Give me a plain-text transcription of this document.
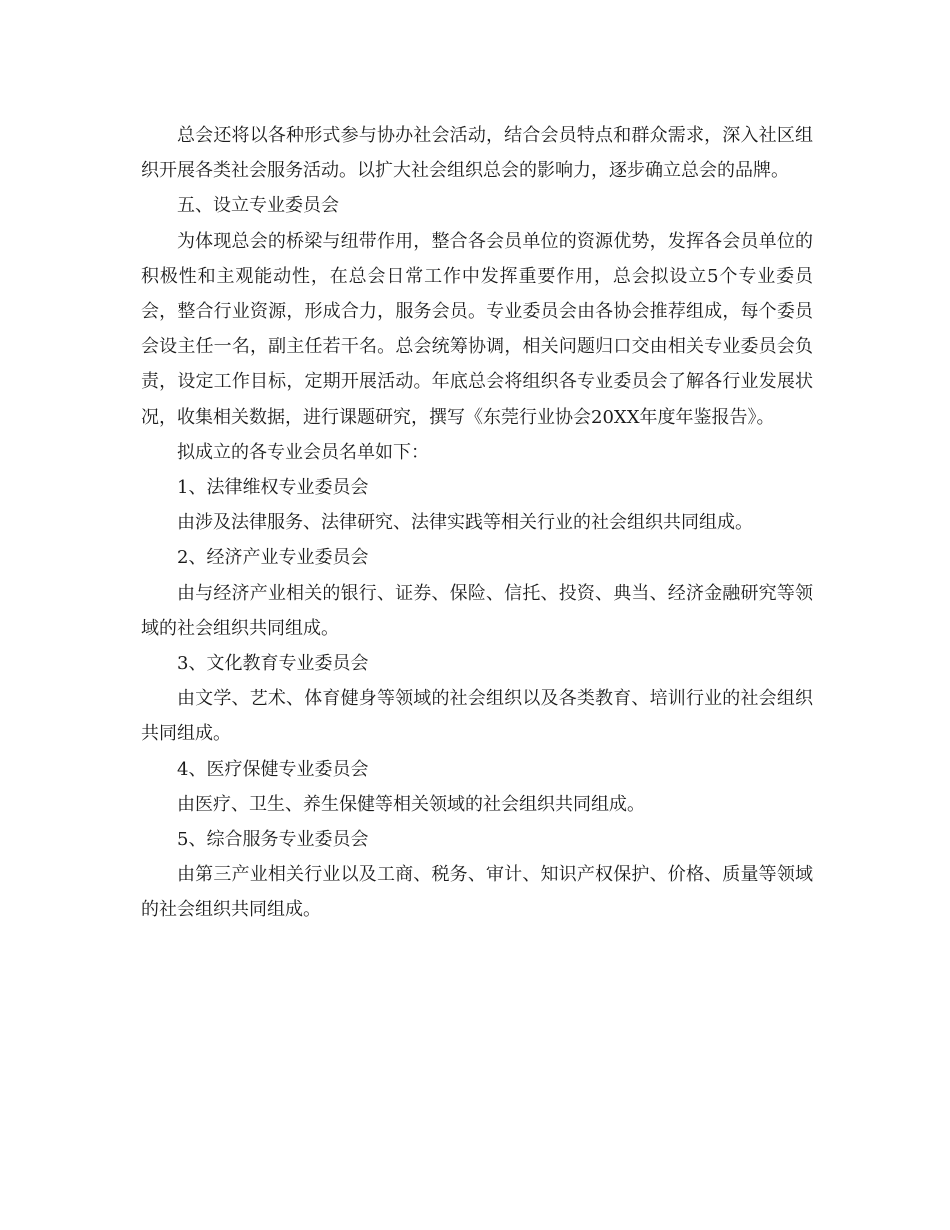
总会还将以各种形式参与协办社会活动，结合会员特点和群众需求，深入社区组织开展各类社会服务活动。以扩大社会组织总会的影响力，逐步确立总会的品牌。

五、设立专业委员会

为体现总会的桥梁与纽带作用，整合各会员单位的资源优势，发挥各会员单位的积极性和主观能动性，在总会日常工作中发挥重要作用，总会拟设立5个专业委员会，整合行业资源，形成合力，服务会员。专业委员会由各协会推荐组成，每个委员会设主任一名，副主任若干名。总会统筹协调，相关问题归口交由相关专业委员会负责，设定工作目标，定期开展活动。年底总会将组织各专业委员会了解各行业发展状况，收集相关数据，进行课题研究，撰写《东莞行业协会20XX年度年鉴报告》。

拟成立的各专业会员名单如下：

1、法律维权专业委员会

由涉及法律服务、法律研究、法律实践等相关行业的社会组织共同组成。

2、经济产业专业委员会

由与经济产业相关的银行、证券、保险、信托、投资、典当、经济金融研究等领域的社会组织共同组成。

3、文化教育专业委员会

由文学、艺术、体育健身等领域的社会组织以及各类教育、培训行业的社会组织共同组成。

4、医疗保健专业委员会

由医疗、卫生、养生保健等相关领域的社会组织共同组成。

5、综合服务专业委员会

由第三产业相关行业以及工商、税务、审计、知识产权保护、价格、质量等领域的社会组织共同组成。
